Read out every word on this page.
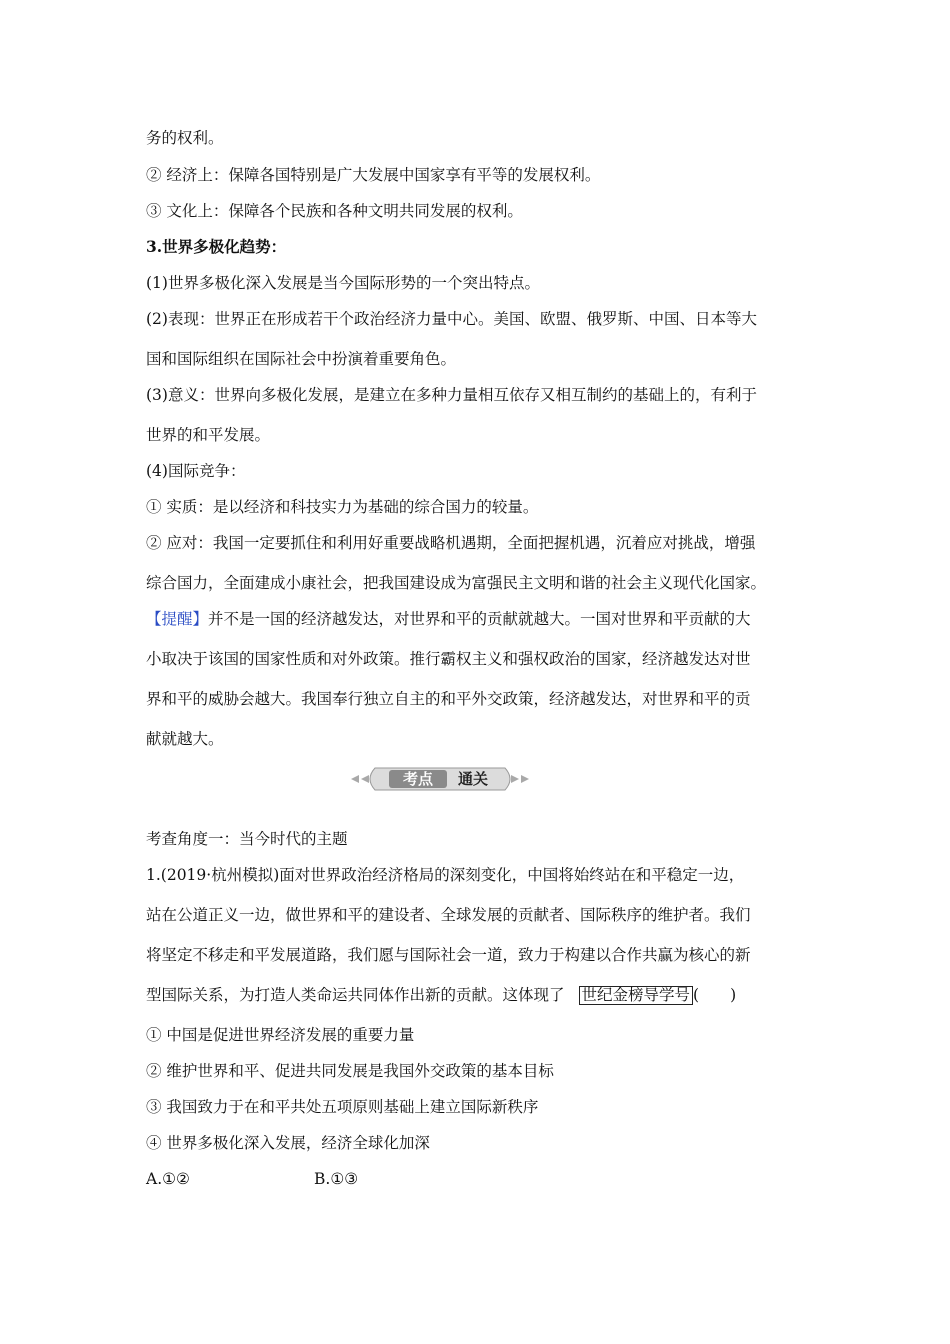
务的权利。
② 经济上：保障各国特别是广大发展中国家享有平等的发展权利。
③ 文化上：保障各个民族和各种文明共同发展的权利。
3.世界多极化趋势：
(1)世界多极化深入发展是当今国际形势的一个突出特点。
(2)表现：世界正在形成若干个政治经济力量中心。美国、欧盟、俄罗斯、中国、日本等大
国和国际组织在国际社会中扮演着重要角色。
(3)意义：世界向多极化发展，是建立在多种力量相互依存又相互制约的基础上的，有利于
世界的和平发展。
(4)国际竞争：
① 实质：是以经济和科技实力为基础的综合国力的较量。
② 应对：我国一定要抓住和利用好重要战略机遇期，全面把握机遇，沉着应对挑战，增强
综合国力，全面建成小康社会，把我国建设成为富强民主文明和谐的社会主义现代化国家。
【提醒】并不是一国的经济越发达，对世界和平的贡献就越大。一国对世界和平贡献的大
小取决于该国的国家性质和对外政策。推行霸权主义和强权政治的国家，经济越发达对世
界和平的威胁会越大。我国奉行独立自主的和平外交政策，经济越发达，对世界和平的贡
献就越大。
考点 通关
考查角度一：当今时代的主题
1.(2019·杭州模拟)面对世界政治经济格局的深刻变化，中国将始终站在和平稳定一边，
站在公道正义一边，做世界和平的建设者、全球发展的贡献者、国际秩序的维护者。我们
将坚定不移走和平发展道路，我们愿与国际社会一道，致力于构建以合作共赢为核心的新
型国际关系，为打造人类命运共同体作出新的贡献。这体现了 世纪金榜导学号 (　　)
① 中国是促进世界经济发展的重要力量
② 维护世界和平、促进共同发展是我国外交政策的基本目标
③ 我国致力于在和平共处五项原则基础上建立国际新秩序
④ 世界多极化深入发展，经济全球化加深
A.①②	B.①③
